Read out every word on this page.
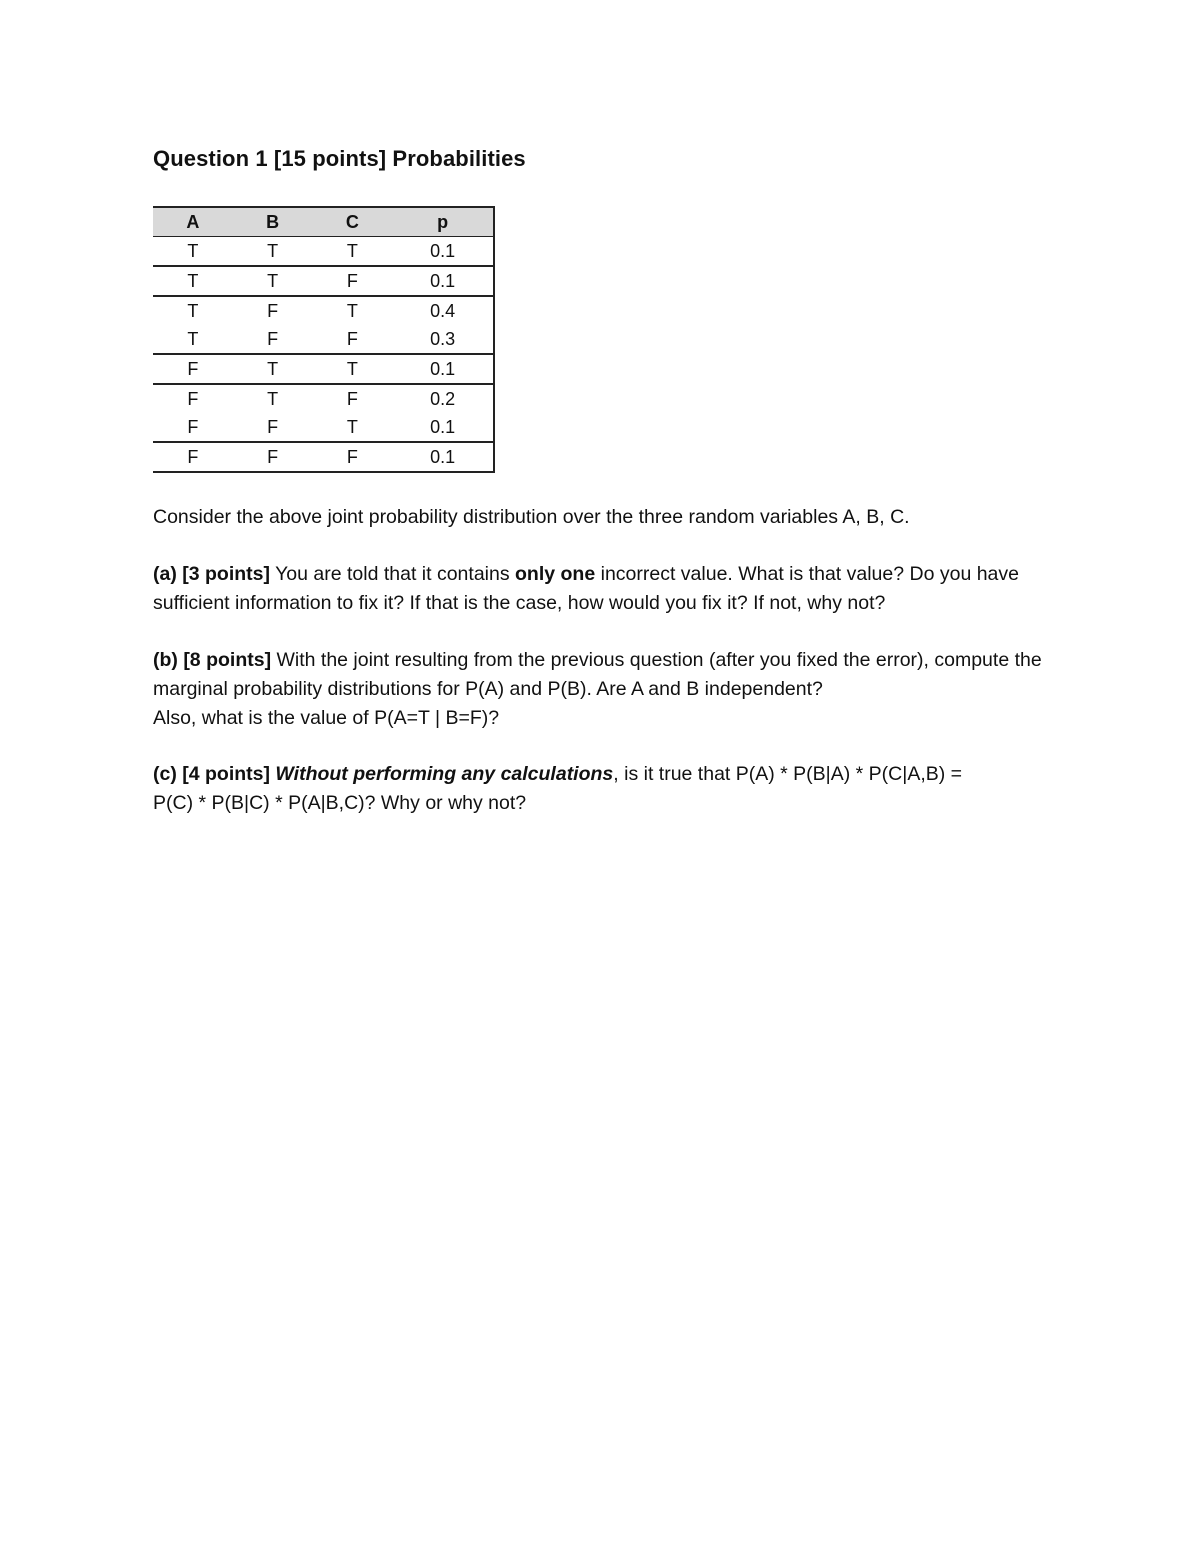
Question 1 [15 points] Probabilities
A	B	C	p
T	T	T	0.1
T	T	F	0.1
T	F	T	0.4
T	F	F	0.3
F	T	T	0.1
F	T	F	0.2
F	F	T	0.1
F	F	F	0.1
Consider the above joint probability distribution over the three random variables A, B, C.
(a) [3 points] You are told that it contains only one incorrect value. What is that value? Do you have sufficient information to fix it? If that is the case, how would you fix it? If not, why not?
(b) [8 points] With the joint resulting from the previous question (after you fixed the error), compute the marginal probability distributions for P(A) and P(B). Are A and B independent?
Also, what is the value of P(A=T | B=F)?
(c) [4 points] Without performing any calculations, is it true that P(A) * P(B|A) * P(C|A,B) =
P(C) * P(B|C) * P(A|B,C)? Why or why not?
